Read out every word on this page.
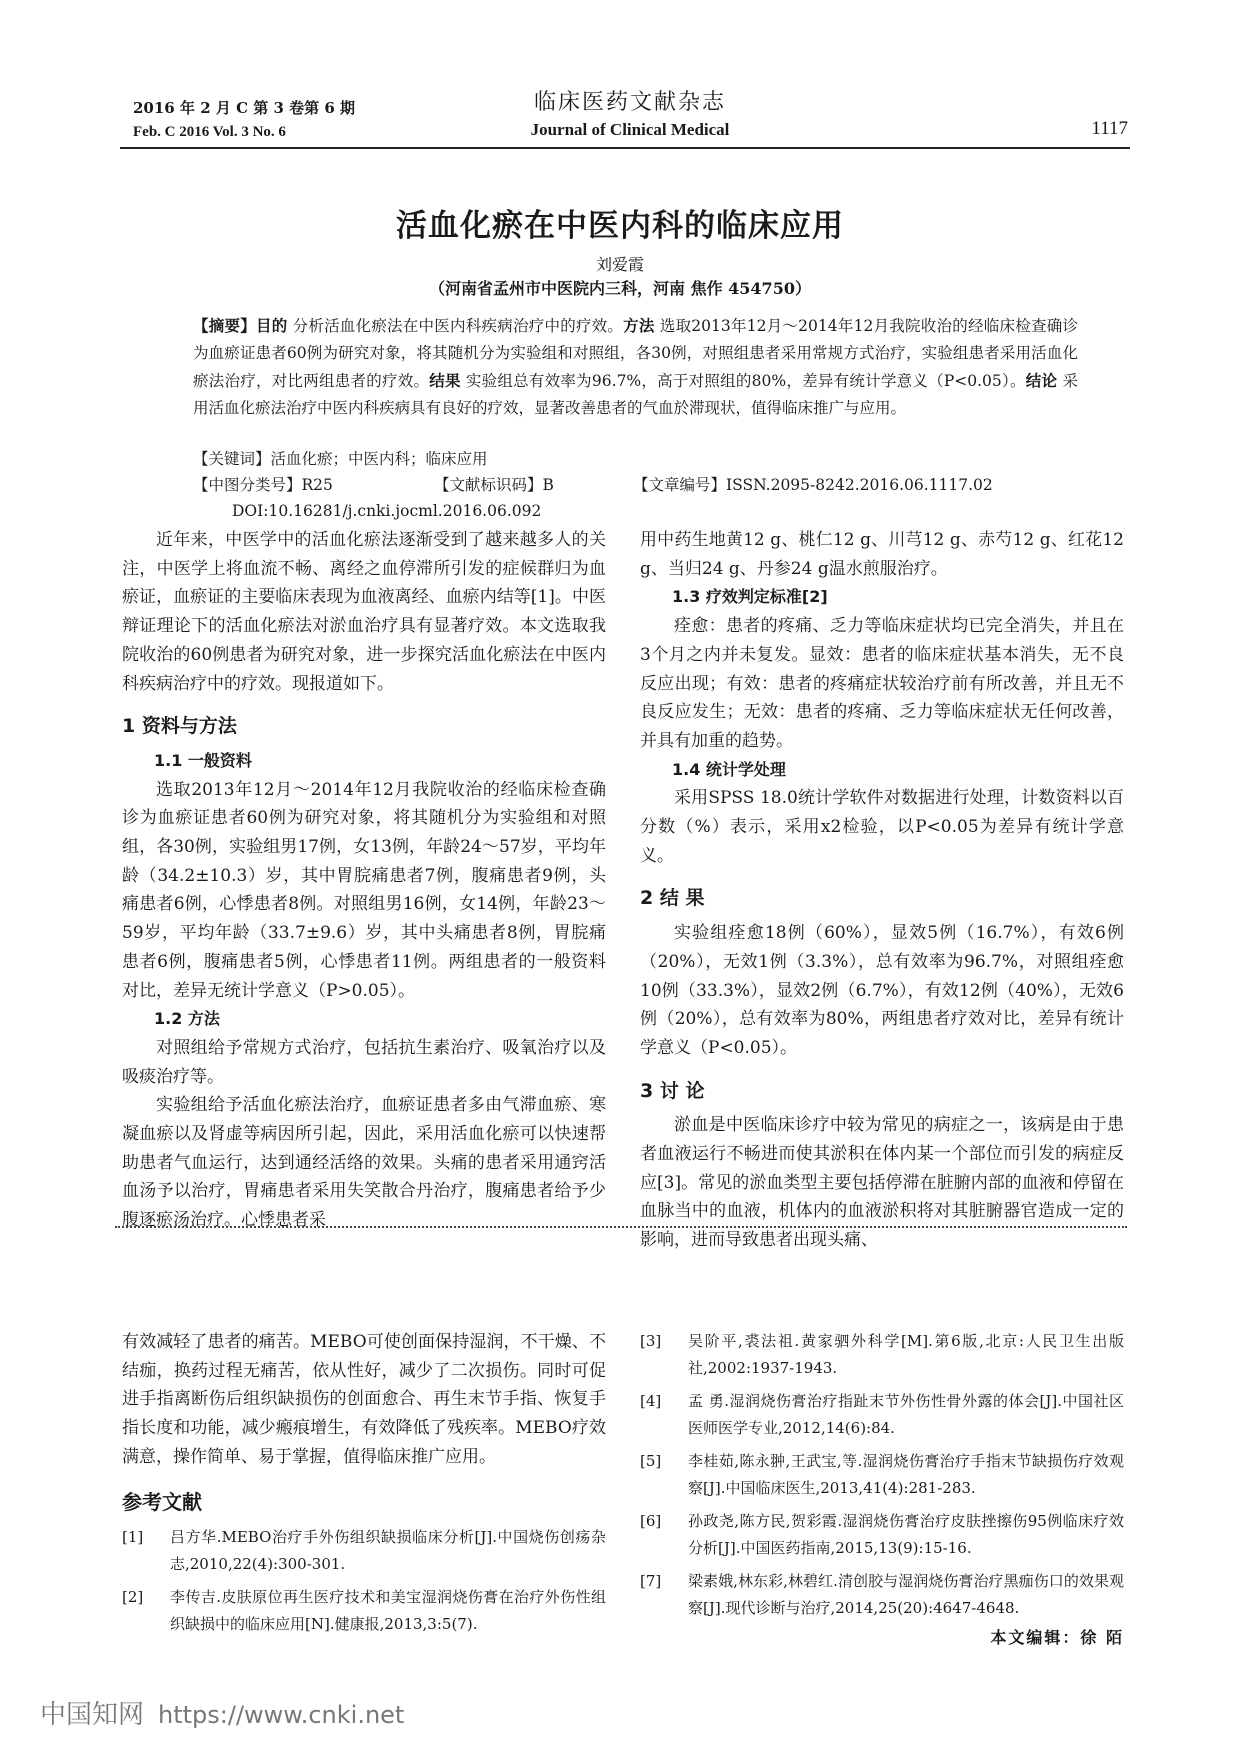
2016 年 2 月 C 第 3 卷第 6 期
Feb. C 2016 Vol. 3 No. 6
临床医药文献杂志
Journal of Clinical Medical	1117
活血化瘀在中医内科的临床应用
刘爱霞
（河南省孟州市中医院内三科，河南 焦作 454750）
【摘要】目的 分析活血化瘀法在中医内科疾病治疗中的疗效。方法 选取2013年12月～2014年12月我院收治的经临床检查确诊为血瘀证患者60例为研究对象，将其随机分为实验组和对照组，各30例，对照组患者采用常规方式治疗，实验组患者采用活血化瘀法治疗，对比两组患者的疗效。结果 实验组总有效率为96.7%，高于对照组的80%，差异有统计学意义（P<0.05）。结论 采用活血化瘀法治疗中医内科疾病具有良好的疗效，显著改善患者的气血於滞现状，值得临床推广与应用。
【关键词】活血化瘀；中医内科；临床应用
【中图分类号】R25	【文献标识码】B	【文章编号】ISSN.2095-8242.2016.06.1117.02
DOI:10.16281/j.cnki.jocml.2016.06.092

近年来，中医学中的活血化瘀法逐渐受到了越来越多人的关注，中医学上将血流不畅、离经之血停滞所引发的症候群归为血瘀证，血瘀证的主要临床表现为血液离经、血瘀内结等[1]。中医辩证理论下的活血化瘀法对淤血治疗具有显著疗效。本文选取我院收治的60例患者为研究对象，进一步探究活血化瘀法在中医内科疾病治疗中的疗效。现报道如下。

1 资料与方法
1.1 一般资料

选取2013年12月～2014年12月我院收治的经临床检查确诊为血瘀证患者60例为研究对象，将其随机分为实验组和对照组，各30例，实验组男17例，女13例，年龄24～57岁，平均年龄（34.2±10.3）岁，其中胃脘痛患者7例，腹痛患者9例，头痛患者6例，心悸患者8例。对照组男16例，女14例，年龄23～59岁，平均年龄（33.7±9.6）岁，其中头痛患者8例，胃脘痛患者6例，腹痛患者5例，心悸患者11例。两组患者的一般资料对比，差异无统计学意义（P>0.05）。

1.2 方法

对照组给予常规方式治疗，包括抗生素治疗、吸氧治疗以及吸痰治疗等。

实验组给予活血化瘀法治疗，血瘀证患者多由气滞血瘀、寒凝血瘀以及肾虚等病因所引起，因此，采用活血化瘀可以快速帮助患者气血运行，达到通经活络的效果。头痛的患者采用通窍活血汤予以治疗，胃痛患者采用失笑散合丹治疗，腹痛患者给予少腹逐瘀汤治疗。心悸患者采

用中药生地黄12 g、桃仁12 g、川芎12 g、赤芍12 g、红花12 g、当归24 g、丹参24 g温水煎服治疗。

1.3 疗效判定标准[2]

痊愈：患者的疼痛、乏力等临床症状均已完全消失，并且在3个月之内并未复发。显效：患者的临床症状基本消失，无不良反应出现；有效：患者的疼痛症状较治疗前有所改善，并且无不良反应发生；无效：患者的疼痛、乏力等临床症状无任何改善，并具有加重的趋势。

1.4 统计学处理

采用SPSS 18.0统计学软件对数据进行处理，计数资料以百分数（%）表示，采用x2检验，以P<0.05为差异有统计学意义。

2 结 果

实验组痊愈18例（60%），显效5例（16.7%），有效6例（20%），无效1例（3.3%），总有效率为96.7%，对照组痊愈10例（33.3%），显效2例（6.7%），有效12例（40%），无效6例（20%），总有效率为80%，两组患者疗效对比，差异有统计学意义（P<0.05）。

3 讨 论

淤血是中医临床诊疗中较为常见的病症之一，该病是由于患者血液运行不畅进而使其淤积在体内某一个部位而引发的病症反应[3]。常见的淤血类型主要包括停滞在脏腑内部的血液和停留在血脉当中的血液，机体内的血液淤积将对其脏腑器官造成一定的影响，进而导致患者出现头痛、

有效减轻了患者的痛苦。MEBO可使创面保持湿润，不干燥、不结痂，换药过程无痛苦，依从性好，减少了二次损伤。同时可促进手指离断伤后组织缺损伤的创面愈合、再生末节手指、恢复手指长度和功能，减少瘢痕增生，有效降低了残疾率。MEBO疗效满意，操作简单、易于掌握，值得临床推广应用。

参考文献
[1]	吕方华.MEBO治疗手外伤组织缺损临床分析[J].中国烧伤创疡杂志,2010,22(4):300-301.
[2]	李传吉.皮肤原位再生医疗技术和美宝湿润烧伤膏在治疗外伤性组织缺损中的临床应用[N].健康报,2013,3:5(7).
[3]	吴阶平,裘法祖.黄家驷外科学[M].第6版,北京:人民卫生出版社,2002:1937-1943.
[4]	孟 勇.湿润烧伤膏治疗指趾末节外伤性骨外露的体会[J].中国社区医师医学专业,2012,14(6):84.
[5]	李桂茹,陈永翀,王武宝,等.湿润烧伤膏治疗手指末节缺损伤疗效观察[J].中国临床医生,2013,41(4):281-283.
[6]	孙政尧,陈方民,贺彩霞.湿润烧伤膏治疗皮肤挫擦伤95例临床疗效分析[J].中国医药指南,2015,13(9):15-16.
[7]	梁素娥,林东彩,林碧红.清创胶与湿润烧伤膏治疗黑痂伤口的效果观察[J].现代诊断与治疗,2014,25(20):4647-4648.
本文编辑：徐 陌
中国知网 https://www.cnki.net
